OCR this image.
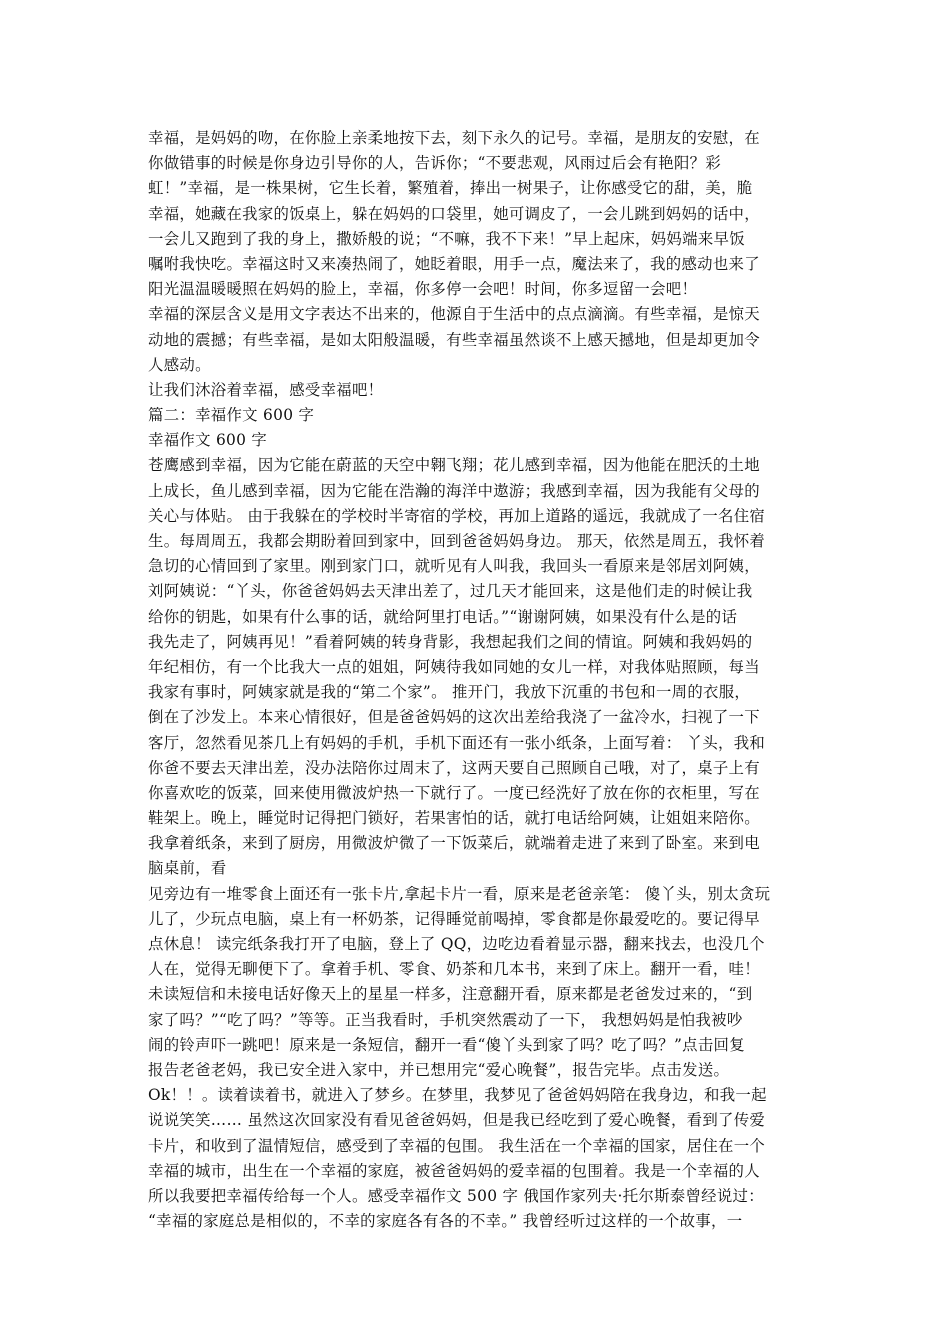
幸福，是妈妈的吻，在你脸上亲柔地按下去，刻下永久的记号。幸福，是朋友的安慰，在
你做错事的时候是你身边引导你的人，告诉你；“不要悲观，风雨过后会有艳阳？彩
虹！”幸福，是一株果树，它生长着，繁殖着，捧出一树果子，让你感受它的甜，美，脆
幸福，她藏在我家的饭桌上，躲在妈妈的口袋里，她可调皮了，一会儿跳到妈妈的话中，
一会儿又跑到了我的身上，撒娇般的说；“不嘛，我不下来！”早上起床，妈妈端来早饭
嘱咐我快吃。幸福这时又来凑热闹了，她眨着眼，用手一点，魔法来了，我的感动也来了
阳光温温暖暖照在妈妈的脸上，幸福，你多停一会吧！时间，你多逗留一会吧！
幸福的深层含义是用文字表达不出来的，他源自于生活中的点点滴滴。有些幸福，是惊天
动地的震撼；有些幸福，是如太阳般温暖，有些幸福虽然谈不上感天撼地，但是却更加令
人感动。
让我们沐浴着幸福，感受幸福吧！
篇二：幸福作文 600 字
幸福作文 600 字
苍鹰感到幸福，因为它能在蔚蓝的天空中翱飞翔；花儿感到幸福，因为他能在肥沃的土地
上成长，鱼儿感到幸福，因为它能在浩瀚的海洋中遨游；我感到幸福，因为我能有父母的
关心与体贴。 由于我躲在的学校时半寄宿的学校，再加上道路的遥远，我就成了一名住宿
生。每周周五，我都会期盼着回到家中，回到爸爸妈妈身边。 那天，依然是周五，我怀着
急切的心情回到了家里。刚到家门口，就听见有人叫我，我回头一看原来是邻居刘阿姨，
刘阿姨说：“丫头，你爸爸妈妈去天津出差了，过几天才能回来，这是他们走的时候让我
给你的钥匙，如果有什么事的话，就给阿里打电话。”“谢谢阿姨，如果没有什么是的话
我先走了，阿姨再见！”看着阿姨的转身背影，我想起我们之间的情谊。阿姨和我妈妈的
年纪相仿，有一个比我大一点的姐姐，阿姨待我如同她的女儿一样，对我体贴照顾，每当
我家有事时，阿姨家就是我的“第二个家”。 推开门，我放下沉重的书包和一周的衣服，
倒在了沙发上。本来心情很好，但是爸爸妈妈的这次出差给我浇了一盆冷水，扫视了一下
客厅，忽然看见茶几上有妈妈的手机，手机下面还有一张小纸条，上面写着： 丫头，我和
你爸不要去天津出差，没办法陪你过周末了，这两天要自己照顾自己哦，对了，桌子上有
你喜欢吃的饭菜，回来使用微波炉热一下就行了。一度已经洗好了放在你的衣柜里，写在
鞋架上。晚上，睡觉时记得把门锁好，若果害怕的话，就打电话给阿姨，让姐姐来陪你。
我拿着纸条，来到了厨房，用微波炉微了一下饭菜后，就端着走进了来到了卧室。来到电
脑桌前，看
见旁边有一堆零食上面还有一张卡片,拿起卡片一看，原来是老爸亲笔： 傻丫头，别太贪玩
儿了，少玩点电脑，桌上有一杯奶茶，记得睡觉前喝掉，零食都是你最爱吃的。要记得早
点休息！ 读完纸条我打开了电脑，登上了 QQ，边吃边看着显示器，翻来找去，也没几个
人在，觉得无聊便下了。拿着手机、零食、奶茶和几本书，来到了床上。翻开一看，哇！
未读短信和未接电话好像天上的星星一样多，注意翻开看，原来都是老爸发过来的，“到
家了吗？”“吃了吗？”等等。正当我看时，手机突然震动了一下， 我想妈妈是怕我被吵
闹的铃声吓一跳吧！原来是一条短信，翻开一看“傻丫头到家了吗？吃了吗？”点击回复
报告老爸老妈，我已安全进入家中，并已想用完“爱心晚餐”，报告完毕。点击发送。
Ok！！。读着读着书，就进入了梦乡。在梦里，我梦见了爸爸妈妈陪在我身边，和我一起
说说笑笑…… 虽然这次回家没有看见爸爸妈妈，但是我已经吃到了爱心晚餐，看到了传爱
卡片，和收到了温情短信，感受到了幸福的包围。 我生活在一个幸福的国家，居住在一个
幸福的城市，出生在一个幸福的家庭，被爸爸妈妈的爱幸福的包围着。我是一个幸福的人
所以我要把幸福传给每一个人。感受幸福作文 500 字 俄国作家列夫·托尔斯泰曾经说过：
“幸福的家庭总是相似的，不幸的家庭各有各的不幸。” 我曾经听过这样的一个故事，一
